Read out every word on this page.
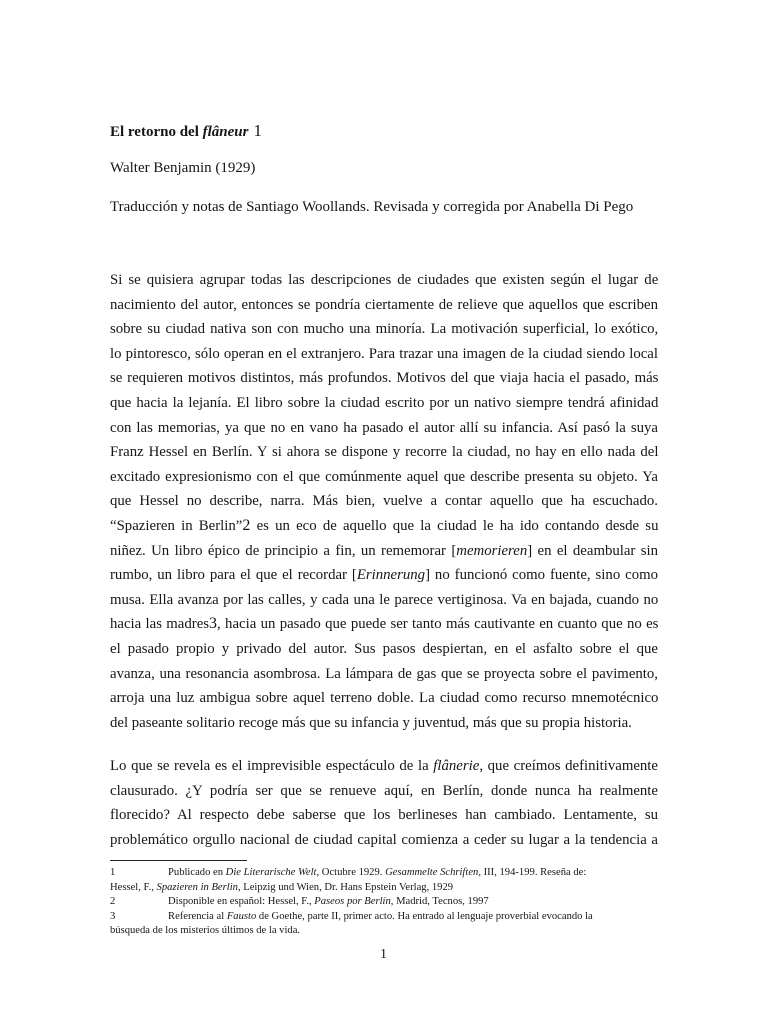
El retorno del flâneur 1
Walter Benjamin (1929)
Traducción y notas de Santiago Woollands. Revisada y corregida por Anabella Di Pego
Si se quisiera agrupar todas las descripciones de ciudades que existen según el lugar de
nacimiento del autor, entonces se pondría ciertamente de relieve que aquellos que escriben
sobre su ciudad nativa son con mucho una minoría. La motivación superficial, lo exótico,
lo pintoresco, sólo operan en el extranjero. Para trazar una imagen de la ciudad siendo local
se requieren motivos distintos, más profundos. Motivos del que viaja hacia el pasado, más
que hacia la lejanía. El libro sobre la ciudad escrito por un nativo siempre tendrá afinidad
con las memorias, ya que no en vano ha pasado el autor allí su infancia. Así pasó la suya
Franz Hessel en Berlín. Y si ahora se dispone y recorre la ciudad, no hay en ello nada del
excitado expresionismo con el que comúnmente aquel que describe presenta su objeto. Ya
que Hessel no describe, narra. Más bien, vuelve a contar aquello que ha escuchado.
“Spazieren in Berlin”2 es un eco de aquello que la ciudad le ha ido contando desde su
niñez. Un libro épico de principio a fin, un rememorar [memorieren] en el deambular sin
rumbo, un libro para el que el recordar [Erinnerung] no funcionó como fuente, sino como
musa. Ella avanza por las calles, y cada una le parece vertiginosa. Va en bajada, cuando no
hacia las madres3, hacia un pasado que puede ser tanto más cautivante en cuanto que no es
el pasado propio y privado del autor. Sus pasos despiertan, en el asfalto sobre el que
avanza, una resonancia asombrosa. La lámpara de gas que se proyecta sobre el pavimento,
arroja una luz ambigua sobre aquel terreno doble. La ciudad como recurso mnemotécnico
del paseante solitario recoge más que su infancia y juventud, más que su propia historia.
Lo que se revela es el imprevisible espectáculo de la flânerie, que creímos definitivamente
clausurado. ¿Y podría ser que se renueve aquí, en Berlín, donde nunca ha realmente
florecido? Al respecto debe saberse que los berlineses han cambiado. Lentamente, su
problemático orgullo nacional de ciudad capital comienza a ceder su lugar a la tendencia a
1	Publicado en Die Literarische Welt, Octubre 1929. Gesammelte Schriften, III, 194-199. Reseña de:
Hessel, F., Spazieren in Berlin, Leipzig und Wien, Dr. Hans Epstein Verlag, 1929
2	Disponible en español: Hessel, F., Paseos por Berlín, Madrid, Tecnos, 1997
3	Referencia al Fausto de Goethe, parte II, primer acto. Ha entrado al lenguaje proverbial evocando la
búsqueda de los misterios últimos de la vida.
1
